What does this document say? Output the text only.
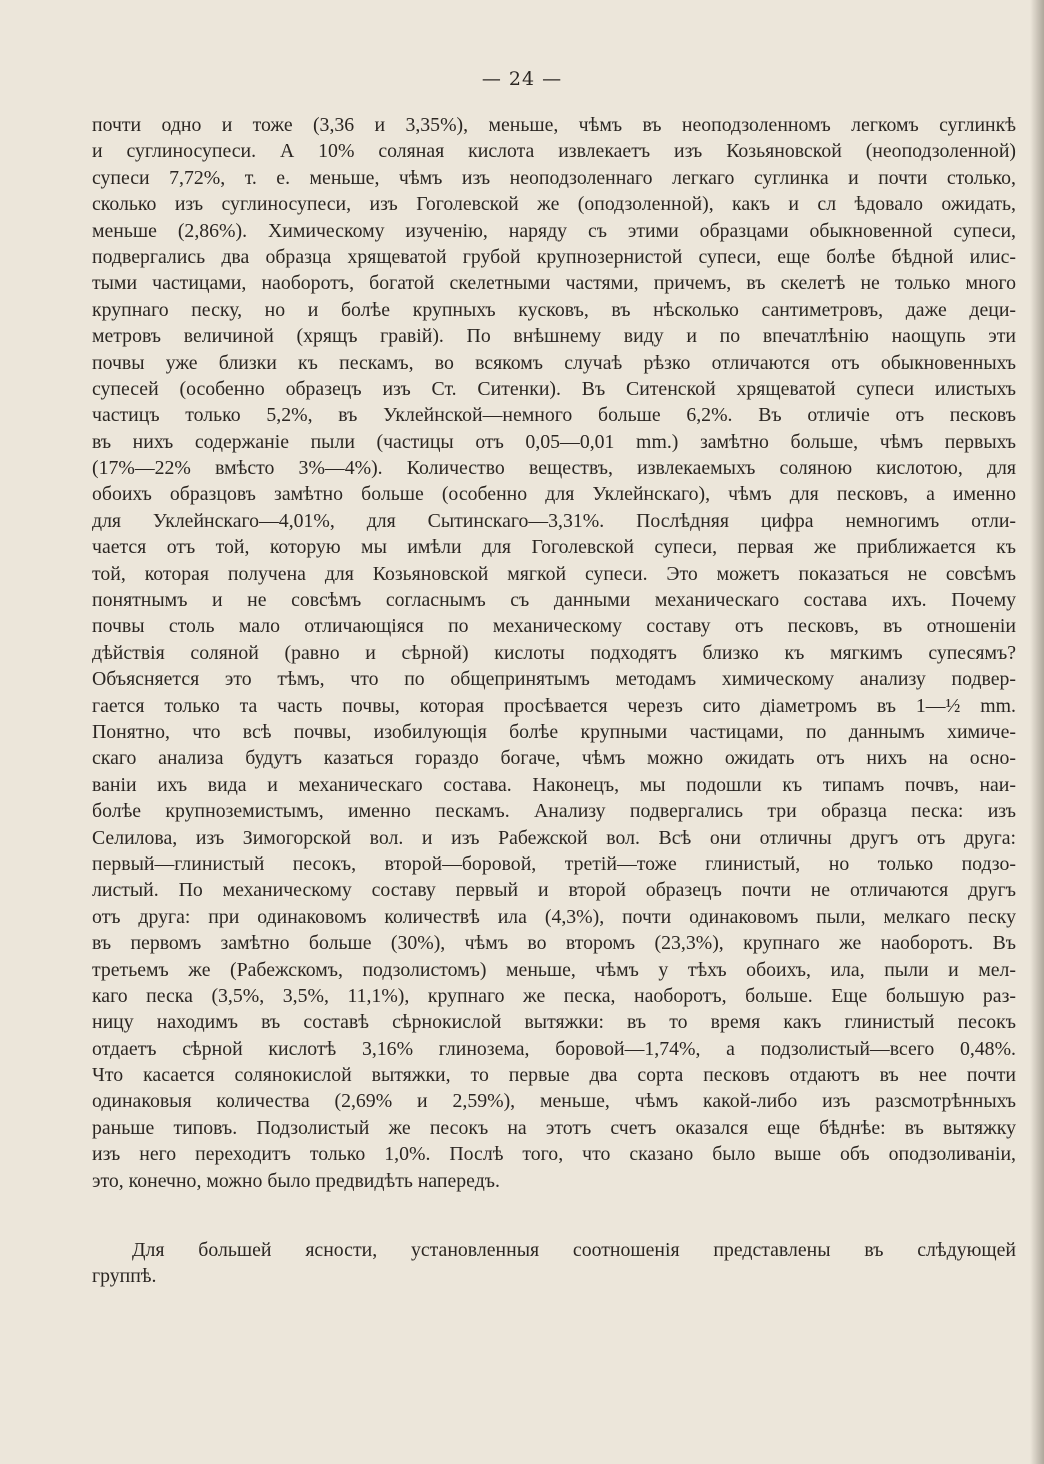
— 24 —
почти одно и тоже (3,36 и 3,35%), меньше, чѣмъ въ неоподзоленномъ легкомъ суглинкѣ
и суглиносупеси. А 10% соляная кислота извлекаетъ изъ Козьяновской (неоподзоленной)
супеси 7,72%, т. е. меньше, чѣмъ изъ неоподзоленнаго легкаго суглинка и почти столько,
сколько изъ суглиносупеси, изъ Гоголевской же (оподзоленной), какъ и сл ѣдовало ожидать,
меньше (2,86%). Химическому изученію, наряду съ этими образцами обыкновенной супеси,
подвергались два образца хрящеватой грубой крупнозернистой супеси, еще болѣе бѣдной илис-
тыми частицами, наоборотъ, богатой скелетными частями, причемъ, въ скелетѣ не только много
крупнаго песку, но и болѣе крупныхъ кусковъ, въ нѣсколько сантиметровъ, даже деци-
метровъ величиной (хрящъ гравій). По внѣшнему виду и по впечатлѣнію наощупь эти
почвы уже близки къ пескамъ, во всякомъ случаѣ рѣзко отличаются отъ обыкновенныхъ
супесей (особенно образецъ изъ Ст. Ситенки). Въ Ситенской хрящеватой супеси илистыхъ
частицъ только 5,2%, въ Уклейнской—немного больше 6,2%. Въ отличіе отъ песковъ
въ нихъ содержаніе пыли (частицы отъ 0,05—0,01 mm.) замѣтно больше, чѣмъ первыхъ
(17%—22% вмѣсто 3%—4%). Количество веществъ, извлекаемыхъ соляною кислотою, для
обоихъ образцовъ замѣтно больше (особенно для Уклейнскаго), чѣмъ для песковъ, а именно
для Уклейнскаго—4,01%, для Сытинскаго—3,31%. Послѣдняя цифра немногимъ отли-
чается отъ той, которую мы имѣли для Гоголевской супеси, первая же приближается къ
той, которая получена для Козьяновской мягкой супеси. Это можетъ показаться не совсѣмъ
понятнымъ и не совсѣмъ согласнымъ съ данными механическаго состава ихъ. Почему
почвы столь мало отличающіяся по механическому составу отъ песковъ, въ отношеніи
дѣйствія соляной (равно и сѣрной) кислоты подходятъ близко къ мягкимъ супесямъ?
Объясняется это тѣмъ, что по общепринятымъ методамъ химическому анализу подвер-
гается только та часть почвы, которая просѣвается черезъ сито діаметромъ въ 1—½ mm.
Понятно, что всѣ почвы, изобилующія болѣе крупными частицами, по даннымъ химиче-
скаго анализа будутъ казаться гораздо богаче, чѣмъ можно ожидать отъ нихъ на осно-
ваніи ихъ вида и механическаго состава. Наконецъ, мы подошли къ типамъ почвъ, наи-
болѣе крупноземистымъ, именно пескамъ. Анализу подвергались три образца песка: изъ
Селилова, изъ Зимогорской вол. и изъ Рабежской вол. Всѣ они отличны другъ отъ друга:
первый—глинистый песокъ, второй—боровой, третій—тоже глинистый, но только подзо-
листый. По механическому составу первый и второй образецъ почти не отличаются другъ
отъ друга: при одинаковомъ количествѣ ила (4,3%), почти одинаковомъ пыли, мелкаго песку
въ первомъ замѣтно больше (30%), чѣмъ во второмъ (23,3%), крупнаго же наоборотъ. Въ
третьемъ же (Рабежскомъ, подзолистомъ) меньше, чѣмъ у тѣхъ обоихъ, ила, пыли и мел-
каго песка (3,5%, 3,5%, 11,1%), крупнаго же песка, наоборотъ, больше. Еще большую раз-
ницу находимъ въ составѣ сѣрнокислой вытяжки: въ то время какъ глинистый песокъ
отдаетъ сѣрной кислотѣ 3,16% глинозема, боровой—1,74%, а подзолистый—всего 0,48%.
Что касается солянокислой вытяжки, то первые два сорта песковъ отдаютъ въ нее почти
одинаковыя количества (2,69% и 2,59%), меньше, чѣмъ какой-либо изъ разсмотрѣнныхъ
раньше типовъ. Подзолистый же песокъ на этотъ счетъ оказался еще бѣднѣе: въ вытяжку
изъ него переходитъ только 1,0%. Послѣ того, что сказано было выше объ оподзоливаніи,
это, конечно, можно было предвидѣть напередъ.
Для большей ясности, установленныя соотношенія представлены въ слѣдующей
группѣ.
